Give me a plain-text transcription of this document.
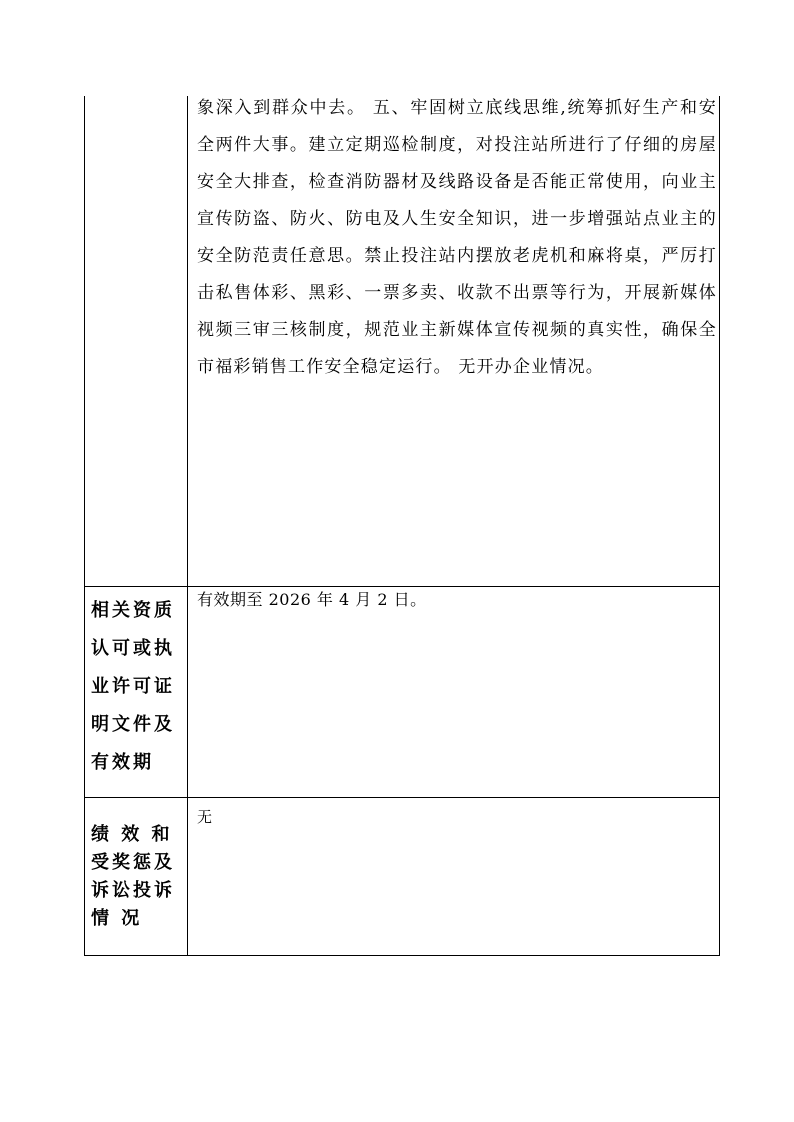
象深入到群众中去。 五、牢固树立底线思维,统筹抓好生产和安全两件大事。建立定期巡检制度，对投注站所进行了仔细的房屋安全大排查，检查消防器材及线路设备是否能正常使用，向业主宣传防盗、防火、防电及人生安全知识，进一步增强站点业主的安全防范责任意思。禁止投注站内摆放老虎机和麻将桌，严厉打击私售体彩、黑彩、一票多卖、收款不出票等行为，开展新媒体视频三审三核制度，规范业主新媒体宣传视频的真实性，确保全市福彩销售工作安全稳定运行。 无开办企业情况。

相关资质
认可或执
业许可证
明文件及
有效期

有效期至 2026 年 4 月 2 日。

绩 效 和
受奖惩及
诉讼投诉
情 况

无
